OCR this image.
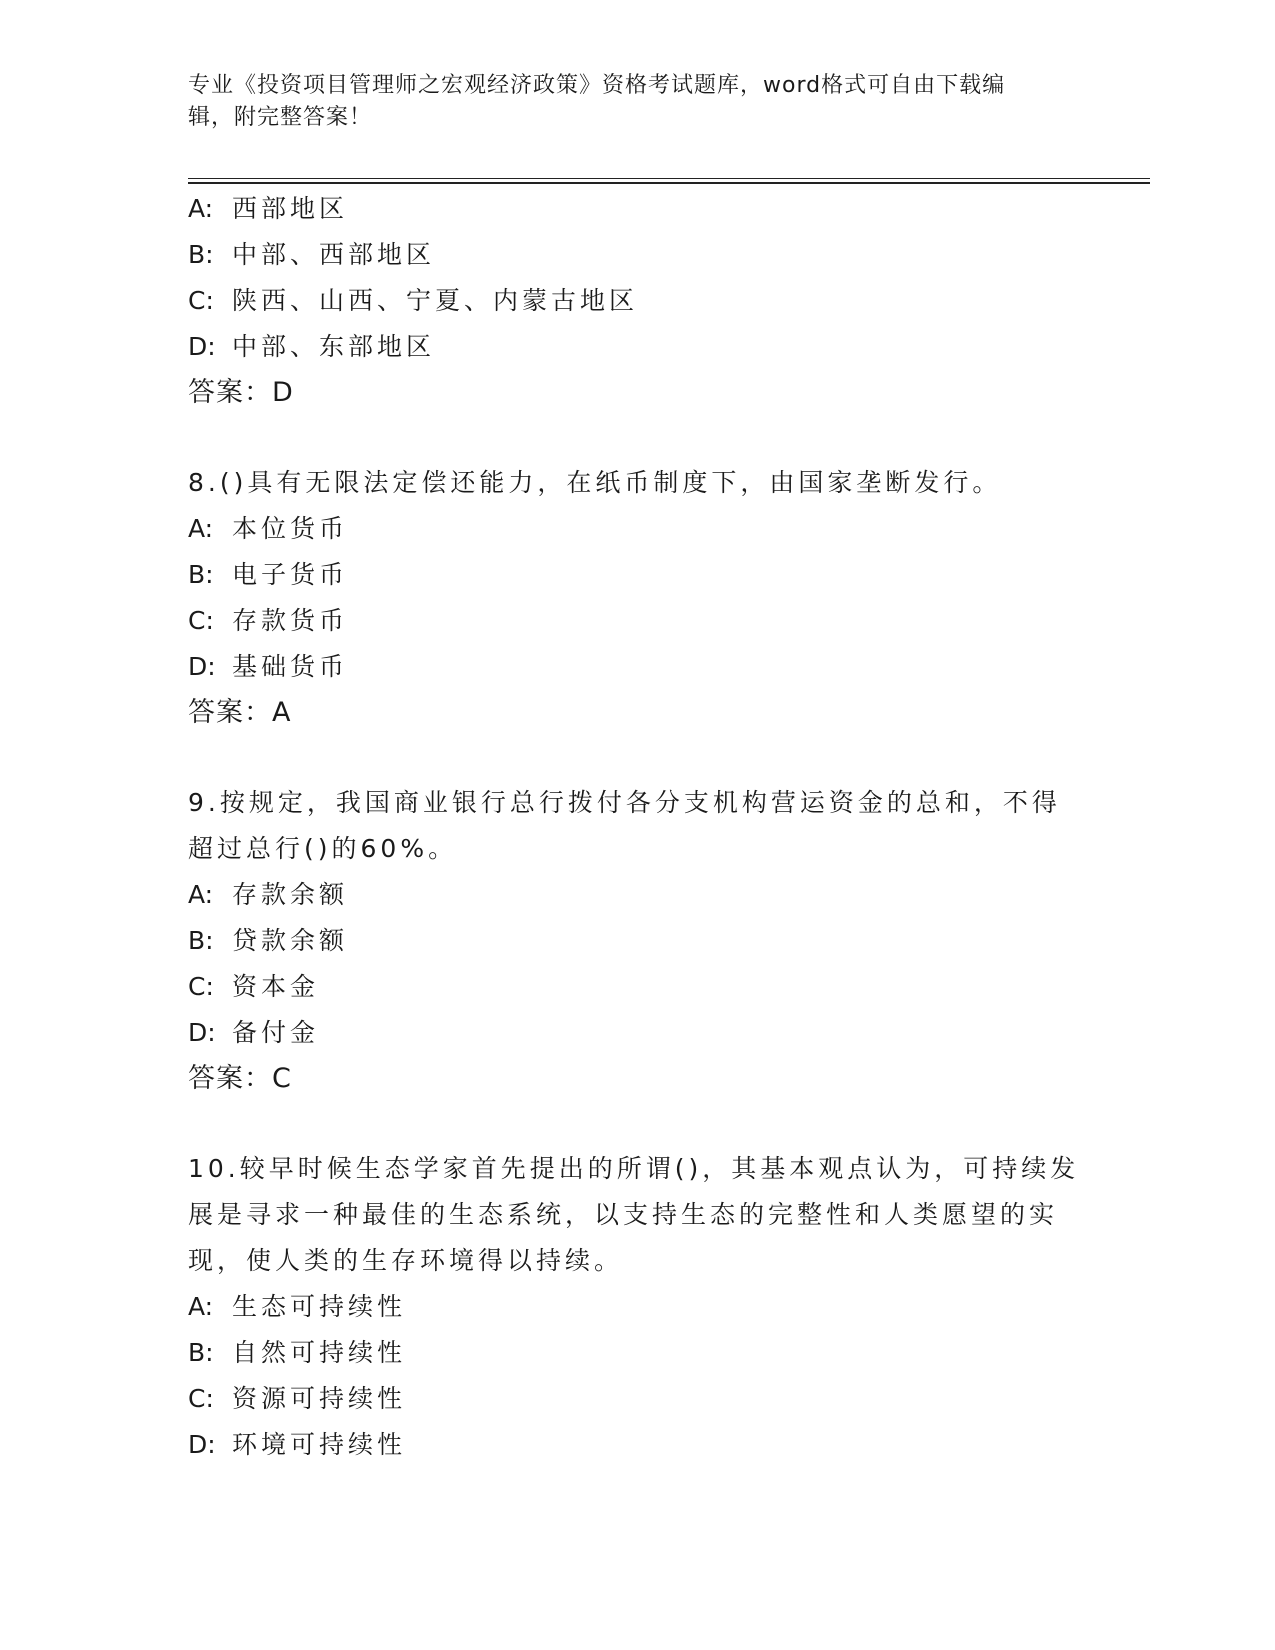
专业《投资项目管理师之宏观经济政策》资格考试题库，word格式可自由下载编
辑，附完整答案！
A: 西部地区
B: 中部、西部地区
C: 陕西、山西、宁夏、内蒙古地区
D: 中部、东部地区
答案：D
8.()具有无限法定偿还能力，在纸币制度下，由国家垄断发行。
A: 本位货币
B: 电子货币
C: 存款货币
D: 基础货币
答案：A
9.按规定，我国商业银行总行拨付各分支机构营运资金的总和，不得
超过总行()的60%。
A: 存款余额
B: 贷款余额
C: 资本金
D: 备付金
答案：C
10.较早时候生态学家首先提出的所谓()，其基本观点认为，可持续发
展是寻求一种最佳的生态系统，以支持生态的完整性和人类愿望的实
现，使人类的生存环境得以持续。
A: 生态可持续性
B: 自然可持续性
C: 资源可持续性
D: 环境可持续性
